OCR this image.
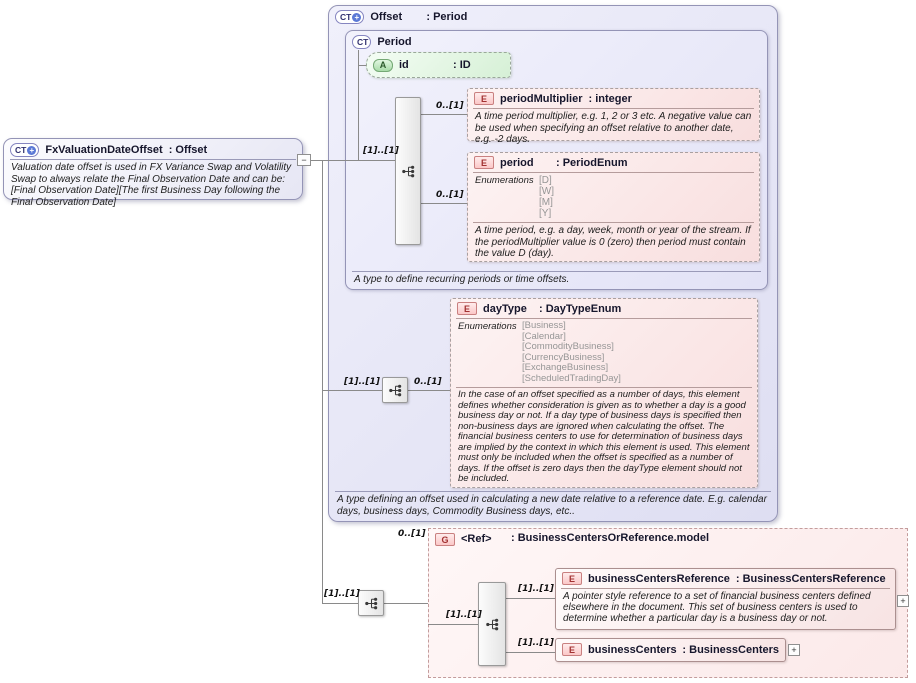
CT + Offset	: Period
A type defining an offset used in calculating a new date relative to a reference date. E.g. calendar days, business days, Commodity Business days, etc..
CT Period
A type to define recurring periods or time offsets.
G	<Ref>	: BusinessCentersOrReference.model
CT + FxValuationDateOffset : Offset
Valuation date offset is used in FX Variance Swap and Volatility Swap to always relate the Final Observation Date and can be: [Final Observation Date][The first Business Day following the Final Observation Date]
−
A	id	: ID
E	periodMultiplier : integer
A time period multiplier, e.g. 1, 2 or 3 etc. A negative value can be used when specifying an offset relative to another date, e.g. -2 days.
E	period	: PeriodEnum
Enumerations [D]
[W]
[M]
[Y]
A time period, e.g. a day, week, month or year of the stream. If the periodMultiplier value is 0 (zero) then period must contain the value D (day).
E	dayType	: DayTypeEnum
Enumerations [Business]
[Calendar]
[CommodityBusiness]
[CurrencyBusiness]
[ExchangeBusiness]
[ScheduledTradingDay]
In the case of an offset specified as a number of days, this element defines whether consideration is given as to whether a day is a good business day or not. If a day type of business days is specified then non-business days are ignored when calculating the offset. The financial business centers to use for determination of business days are implied by the context in which this element is used. This element must only be included when the offset is specified as a number of days. If the offset is zero days then the dayType element should not be included.
E	businessCentersReference : BusinessCentersReference
A pointer style reference to a set of financial business centers defined elsewhere in the document. This set of business centers is used to determine whether a particular day is a business day or not.
+
E	businessCenters : BusinessCenters	+
[1]..[1]
0..[1]
0..[1]
[1]..[1]	0..[1]
[1]..[1]
0..[1]
[1]..[1]
[1]..[1]
[1]..[1]
